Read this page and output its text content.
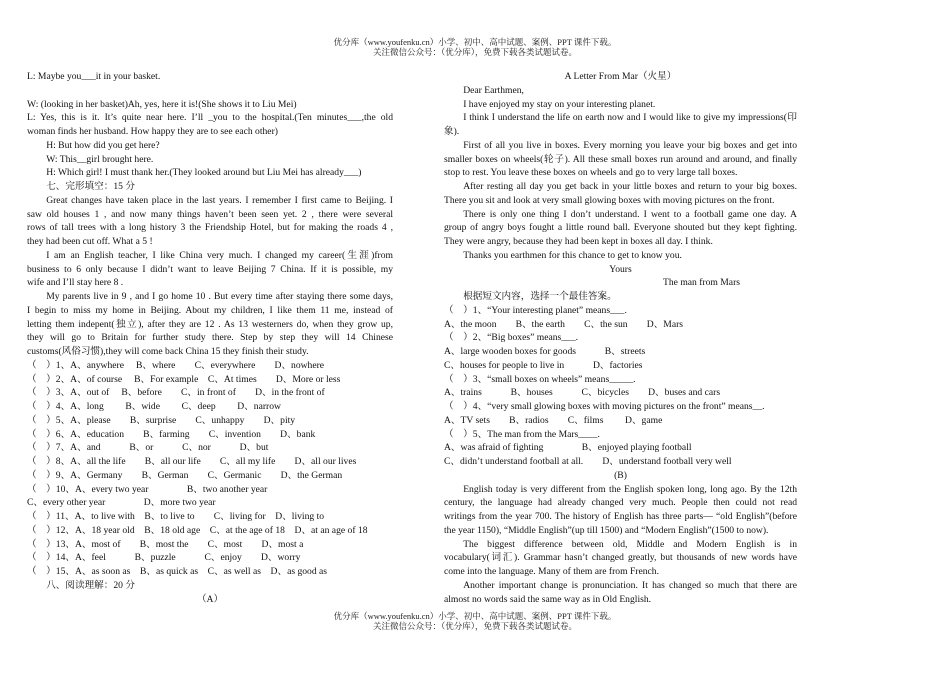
优分库（www.youfenku.cn）小学、初中、高中试题、案例、PPT 课件下载。
关注微信公众号：（优分库），免费下载各类试题试卷。

L: Maybe you___it in your basket.

W: (looking in her basket)Ah, yes, here it is!(She shows it to Liu Mei)

L: Yes, this is it. It’s quite near here. I’ll _you to the hospital.(Ten minutes___,the old

woman finds her husband. How happy they are to see each other)

H: But how did you get here?

W: This__girl brought here.

H: Which girl! I must thank her.(They looked around but Liu Mei has already___)

七、完形填空：15 分

Great changes have taken place in the last years. I remember I first came to Beijing. I

saw old houses 1 , and now many things haven’t been seen yet. 2 , there were several

rows of tall trees with a long history 3 the Friendship Hotel, but for making the roads 4 ,

they had been cut off. What a 5 !

I am an English teacher, I like China very much. I changed my career(生涯)from

business to 6 only because I didn’t want to leave Beijing 7 China. If it is possible, my

wife and I’ll stay here 8 .

My parents live in 9 , and I go home 10 . But every time after staying there some days,

I begin to miss my home in Beijing. About my children, I like them 11 me, instead of

letting them indepent(独立), after they are 12 . As 13 westerners do, when they grow up,

they will go to Britain for further study there. Step by step they will 14 Chinese

customs(风俗习惯),they will come back China 15 they finish their study.

（　）1、A、anywhere　 B、where　　C、everywhere　　D、nowhere

（　）2、A、of course　 B、For example　C、At times　　D、More or less

（　）3、A、out of　 B、before　　C、in front of　　D、in the front of

（　）4、A、long　　 B、wide　　 C、deep　　 D、narrow

（　）5、A、please　　B、surprise　　C、unhappy　　D、pity

（　）6、A、education　　B、farming　　C、invention　　D、bank

（　）7、A、and　　　B、or　　　C、nor　　　D、but

（　）8、A、all the life　　B、all our life　　C、all my life　　D、all our lives

（　）9、A、Germany　　B、German　　C、Germanic　　D、the German

（　）10、A、every two year　　　　B、two another year

C、every other year　　　　D、more two year

（　）11、A、to live with　B、to live to　　C、living for　D、living to

（　）12、A、18 year old　B、18 old age　C、at the age of 18　D、at an age of 18

（　）13、A、most of　　B、most the　　C、most　　D、most a

（　）14、A、feel　　　B、puzzle　　　C、enjoy　　D、worry

（　）15、A、as soon as　B、as quick as　C、as well as　D、as good as

八、阅读理解：20 分

（A）

A Letter From Mar（火星）

Dear Earthmen,

I have enjoyed my stay on your interesting planet.

I think I understand the life on earth now and I would like to give my impressions(印

象).

First of all you live in boxes. Every morning you leave your big boxes and get into

smaller boxes on wheels(轮子). All these small boxes run around and around, and finally

stop to rest. You leave these boxes on wheels and go to very large tall boxes.

After resting all day you get back in your little boxes and return to your big boxes.

There you sit and look at very small glowing boxes with moving pictures on the front.

There is only one thing I don’t understand. I went to a football game one day. A

group of angry boys fought a little round ball. Everyone shouted but they kept fighting.

They were angry, because they had been kept in boxes all day. I think.

Thanks you earthmen for this chance to get to know you.

Yours

The man from Mars

根据短文内容，选择一个最佳答案。

（　）1、“Your interesting planet” means___.

A、the moon　　B、the earth　　C、the sun　　D、Mars

（　）2、“Big boxes” means___.

A、large wooden boxes for goods　　　B、streets

C、houses for people to live in　　　D、factories

（　）3、“small boxes on wheels” means_____.

A、trains　　　B、houses　　　C、bicycles　　D、buses and cars

（　）4、“very small glowing boxes with moving pictures on the front” means__.

A、TV sets　　B、radios　　C、films　　 D、game

（　）5、The man from the Mars____.

A、was afraid of fighting　　　　B、enjoyed playing football

C、didn’t understand football at all.　　D、understand football very well

(B)

English today is very different from the English spoken long, long ago. By the 12th

century, the language had already changed very much. People then could not read

writings from the year 700. The history of English has three parts— “old English”(before

the year 1150), “Middle English”(up till 1500) and “Modern English”(1500 to now).

The biggest difference between old, Middle and Modern English is in

vocabulary(词汇). Grammar hasn’t changed greatly, but thousands of new words have

come into the language. Many of them are from French.

Another important change is pronunciation. It has changed so much that there are

almost no words said the same way as in Old English.

优分库（www.youfenku.cn）小学、初中、高中试题、案例、PPT 课件下载。
关注微信公众号：（优分库），免费下载各类试题试卷。
